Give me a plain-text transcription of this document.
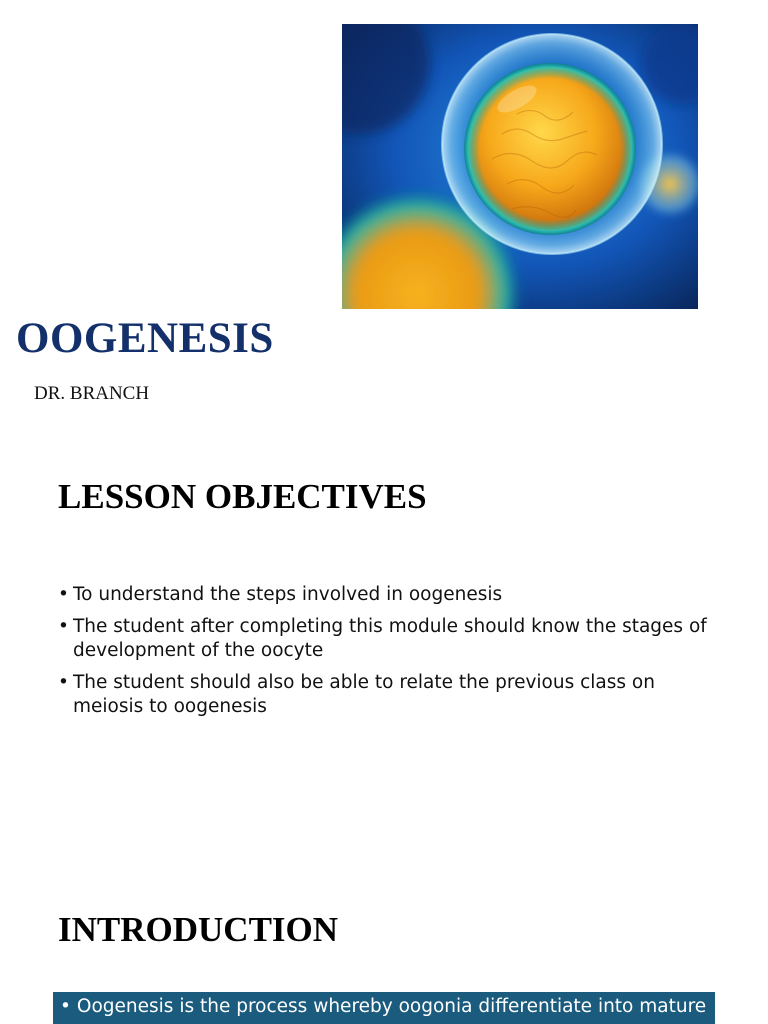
OOGENESIS

DR. BRANCH

LESSON OBJECTIVES
• To understand the steps involved in oogenesis
• The student after completing this module should know the stages of development of the oocyte
• The student should also be able to relate the previous class on meiosis to oogenesis
INTRODUCTION
• Oogenesis is the process whereby oogonia differentiate into mature
